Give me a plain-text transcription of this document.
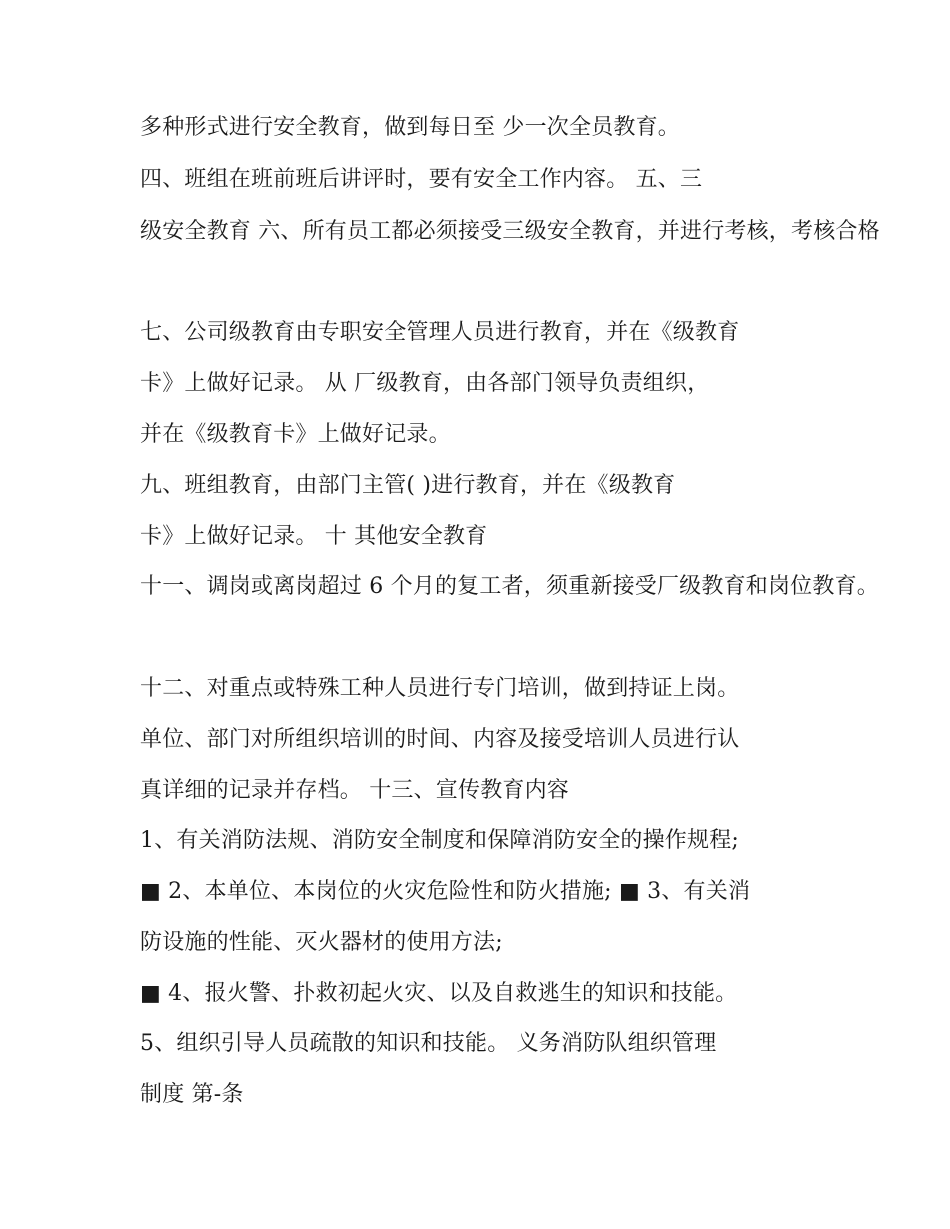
多种形式进行安全教育，做到每日至 少一次全员教育。
四、班组在班前班后讲评时，要有安全工作内容。 五、三
级安全教育 六、所有员工都必须接受三级安全教育，并进行考核，考核合格
七、公司级教育由专职安全管理人员进行教育，并在《级教育
卡》上做好记录。 从 厂级教育，由各部门领导负责组织，
并在《级教育卡》上做好记录。
九、班组教育，由部门主管( )进行教育，并在《级教育
卡》上做好记录。 十 其他安全教育
十一、调岗或离岗超过 6 个月的复工者，须重新接受厂级教育和岗位教育。
十二、对重点或特殊工种人员进行专门培训，做到持证上岗。
单位、部门对所组织培训的时间、内容及接受培训人员进行认
真详细的记录并存档。 十三、宣传教育内容
1、有关消防法规、消防安全制度和保障消防安全的操作规程;
■ 2、本单位、本岗位的火灾危险性和防火措施; ■ 3、有关消
防设施的性能、灭火器材的使用方法;
■ 4、报火警、扑救初起火灾、以及自救逃生的知识和技能。
5、组织引导人员疏散的知识和技能。 义务消防队组织管理
制度 第-条
